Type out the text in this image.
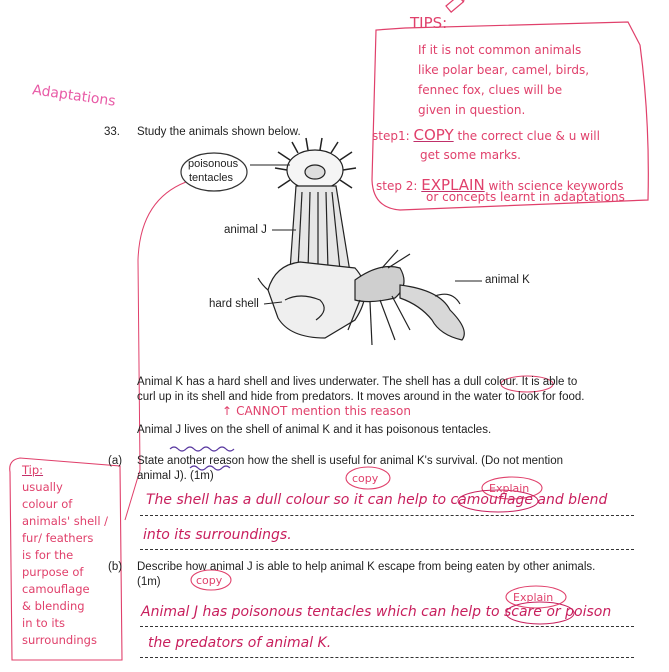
Adaptations
TIPS:
If it is not common animals
like polar bear, camel, birds,
fennec fox, clues will be
given in question.
step1: COPY the correct clue & u will
get some marks.
step 2: EXPLAIN with science keywords
or concepts learnt in adaptations
33. Study the animals shown below.
poisonous
tentacles
animal J
animal K
hard shell
Animal K has a hard shell and lives underwater. The shell has a dull colour. It is able to
curl up in its shell and hide from predators. It moves around in the water to look for food.
↑ CANNOT mention this reason
Animal J lives on the shell of animal K and it has poisonous tentacles.
(a) State another reason how the shell is useful for animal K's survival. (Do not mention
animal J). (1m)	copy
Explain
The shell has a dull colour so it can help to camouflage and blend
into its surroundings.
(b) Describe how animal J is able to help animal K escape from being eaten by other animals.
(1m)	copy
Explain
Animal J has poisonous tentacles which can help to scare or poison
the predators of animal K.
Tip:
usually
colour of
animals' shell /
fur/ feathers
is for the
purpose of
camouflage
& blending
in to its
surroundings
